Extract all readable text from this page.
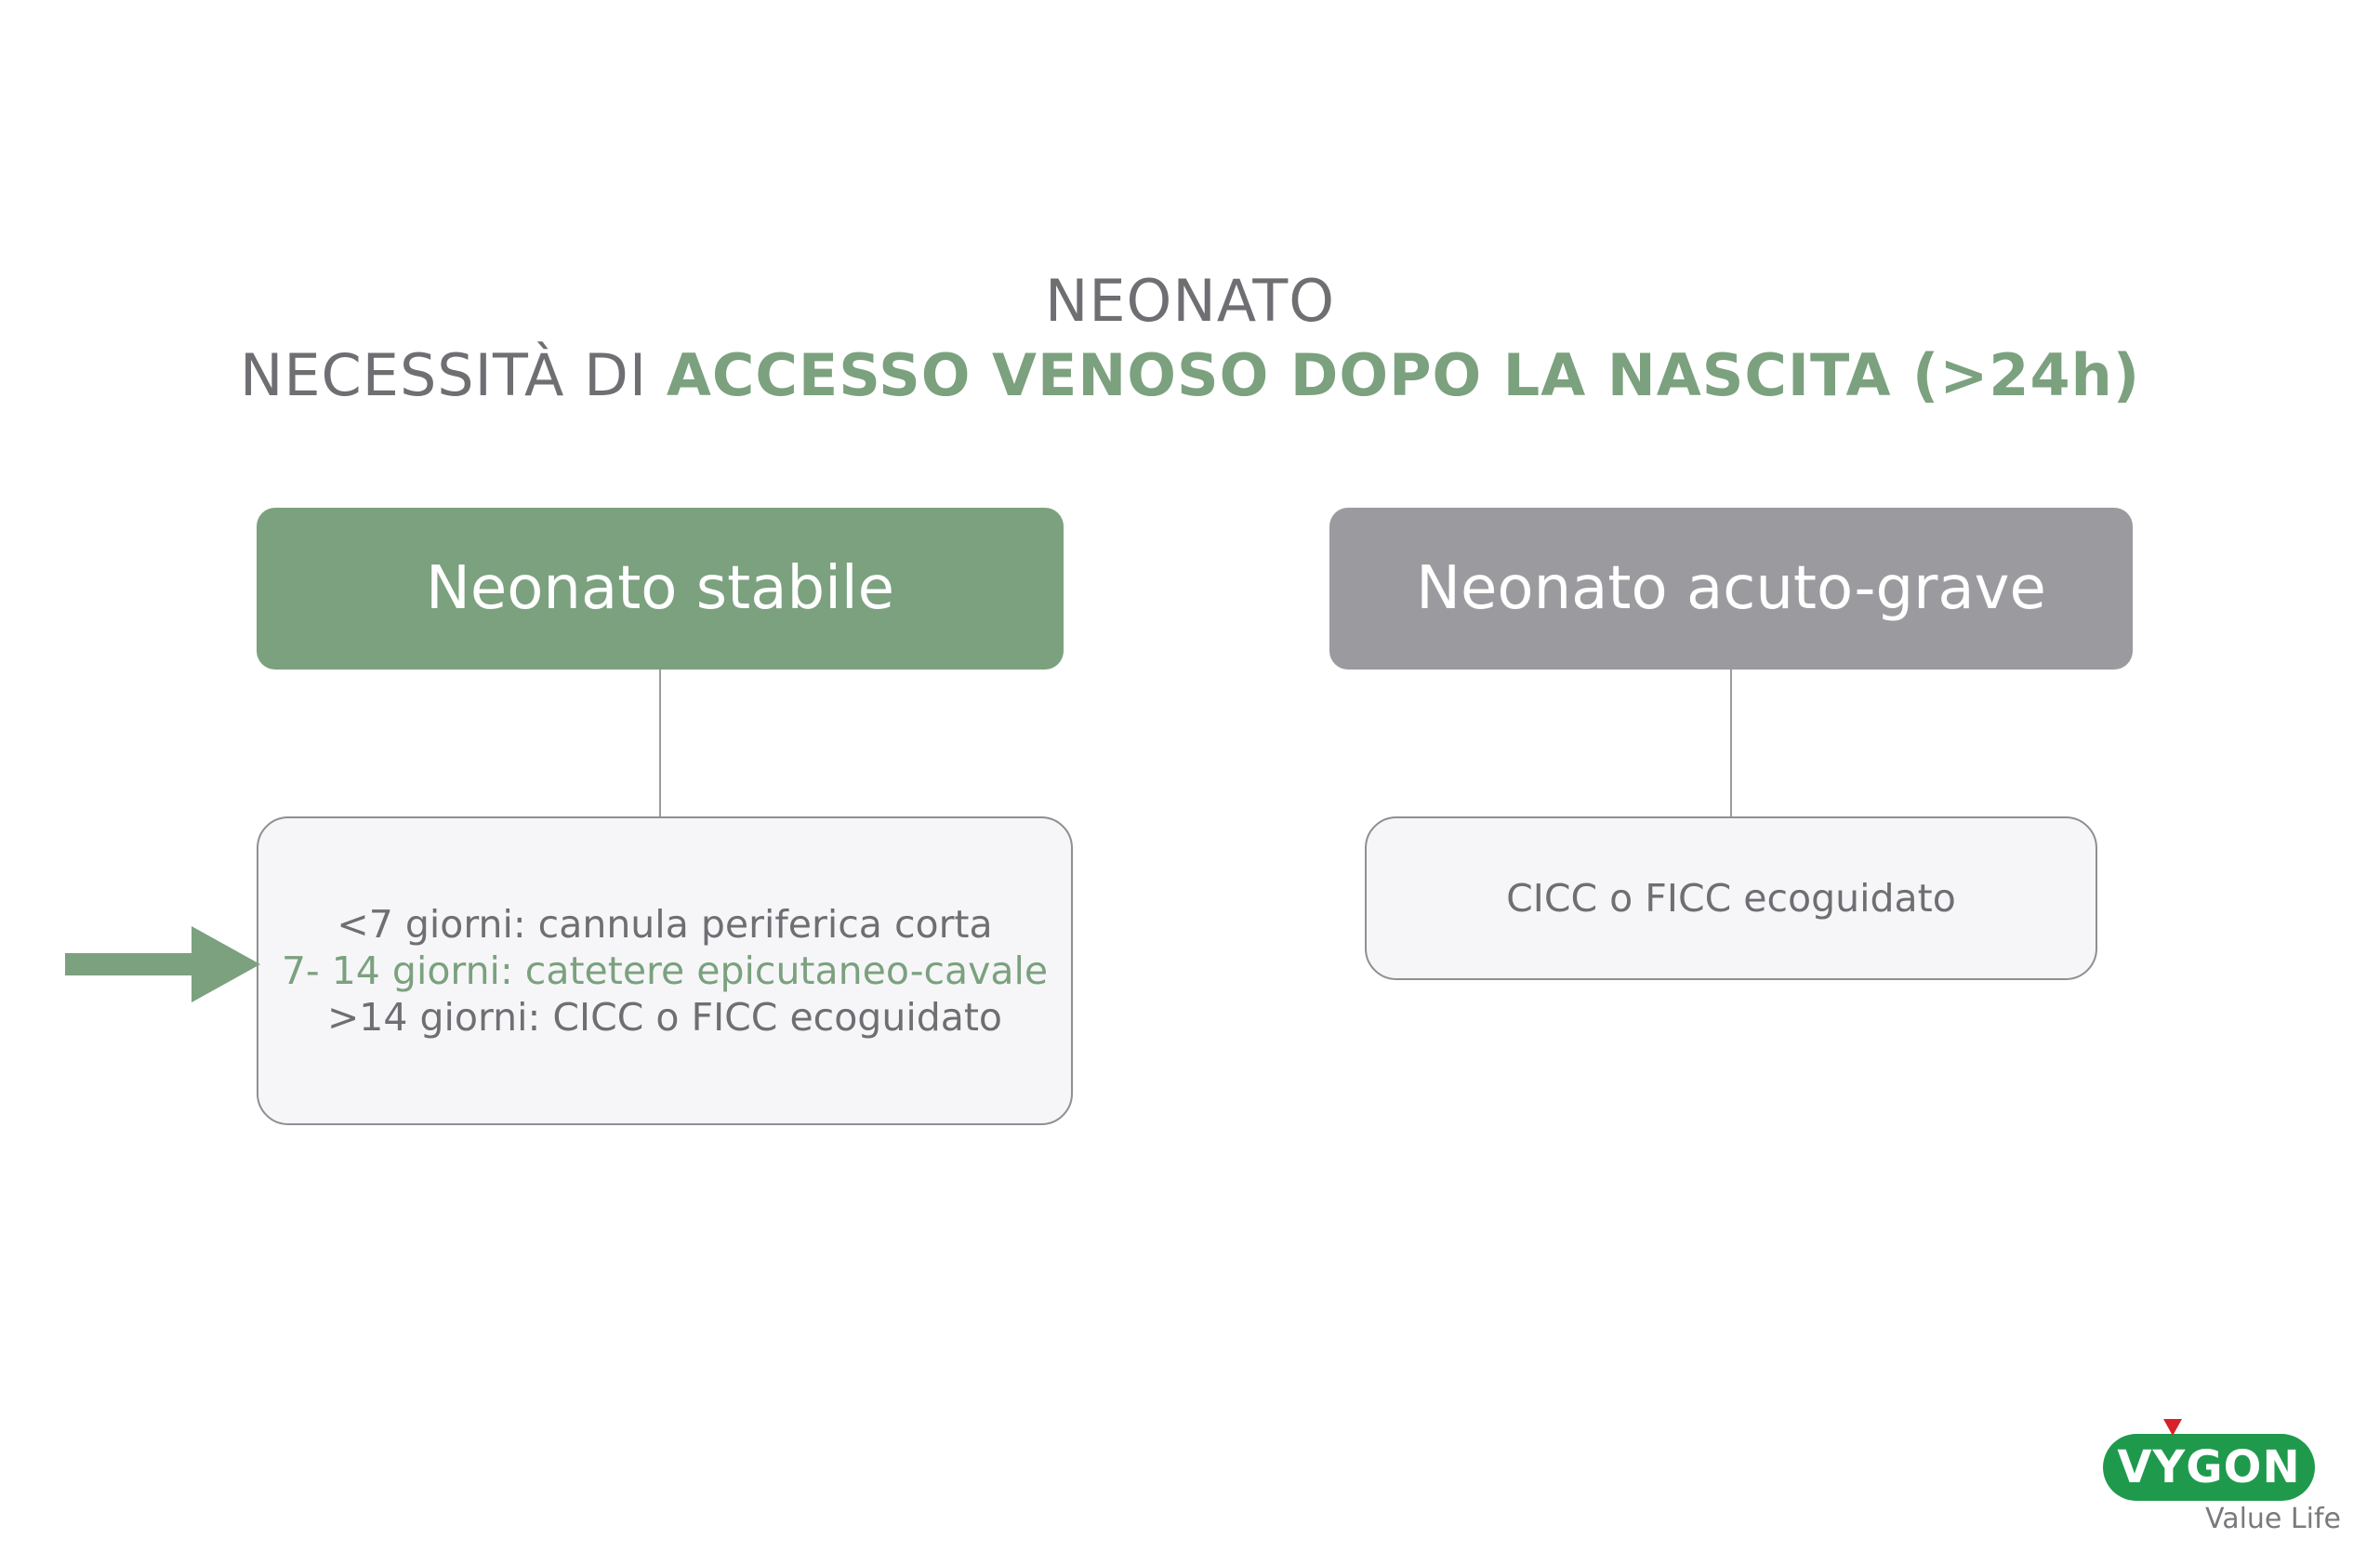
NEONATO
NECESSITÀ DI ACCESSO VENOSO DOPO LA NASCITA (>24h)
Neonato stabile	Neonato acuto-grave
<7 giorni: cannula periferica corta
7- 14 giorni: catetere epicutaneo-cavale
>14 giorni: CICC o FICC ecoguidato
CICC o FICC ecoguidato
VYGON
Value Life
